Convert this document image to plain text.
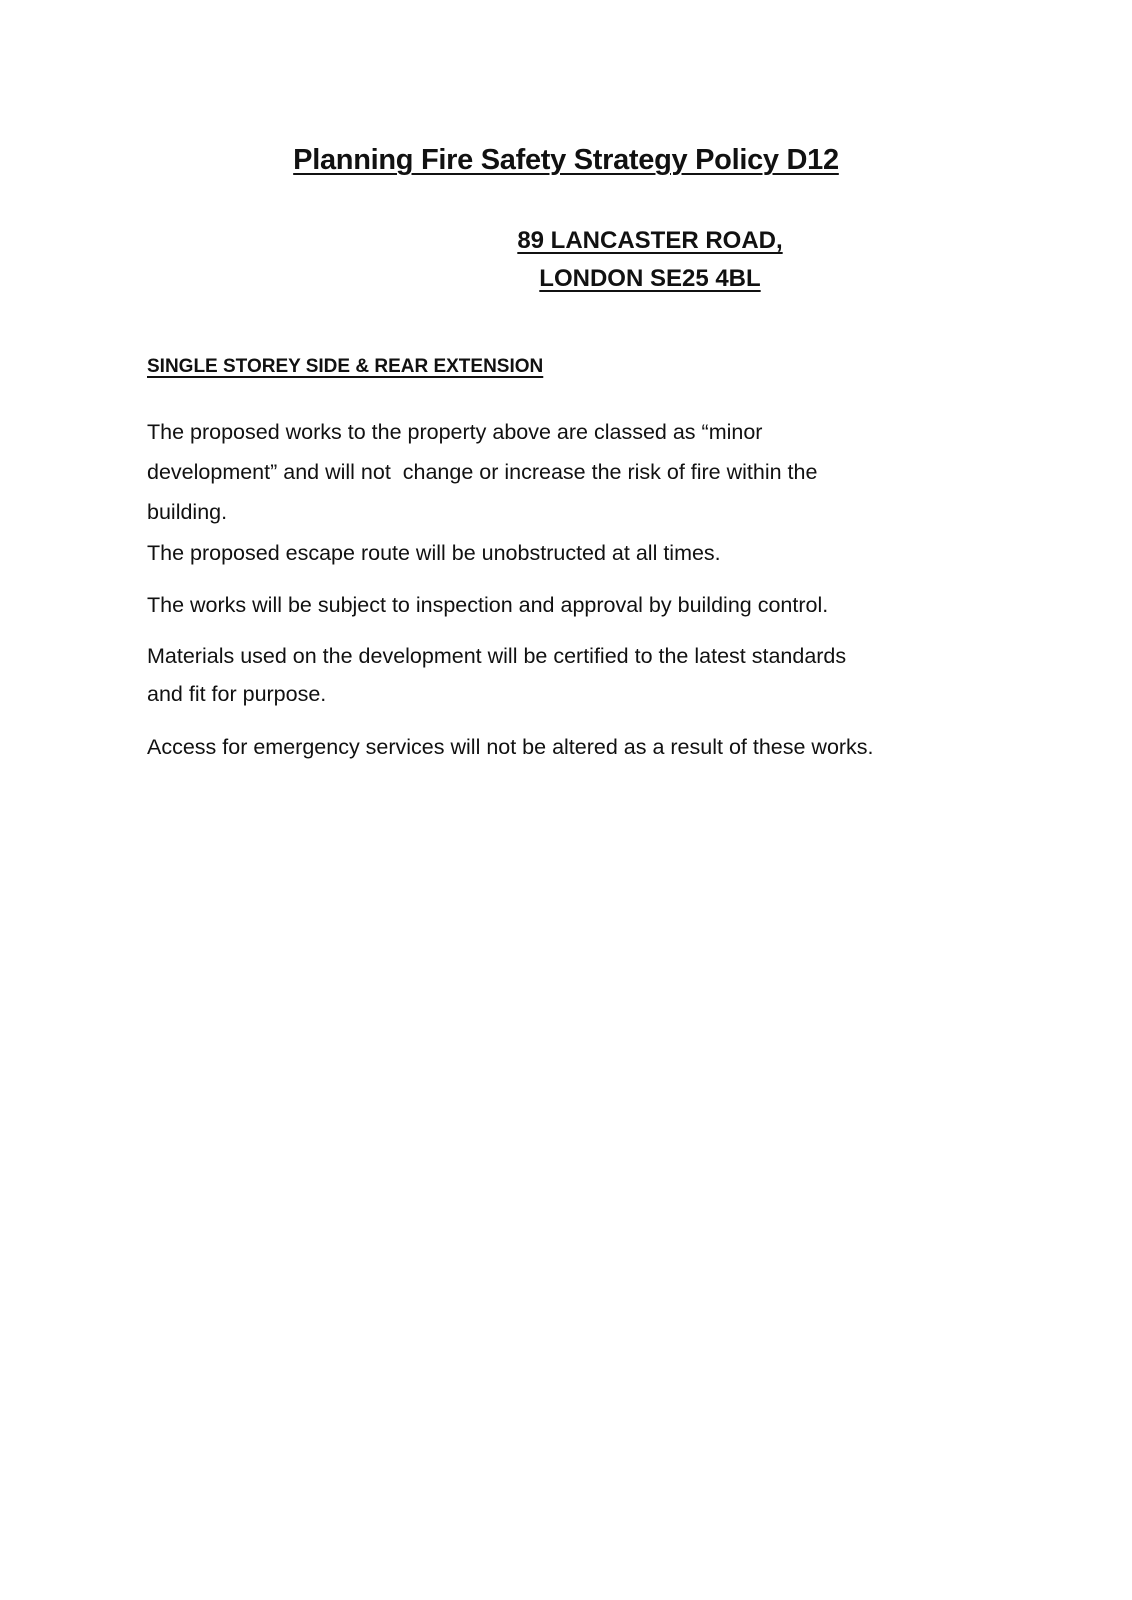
Planning Fire Safety Strategy Policy D12
89 LANCASTER ROAD,
LONDON SE25 4BL
SINGLE STOREY SIDE & REAR EXTENSION

The proposed works to the property above are classed as “minor
development” and will not  change or increase the risk of fire within the
building.

The proposed escape route will be unobstructed at all times.

The works will be subject to inspection and approval by building control.

Materials used on the development will be certified to the latest standards
and fit for purpose.

Access for emergency services will not be altered as a result of these works.
